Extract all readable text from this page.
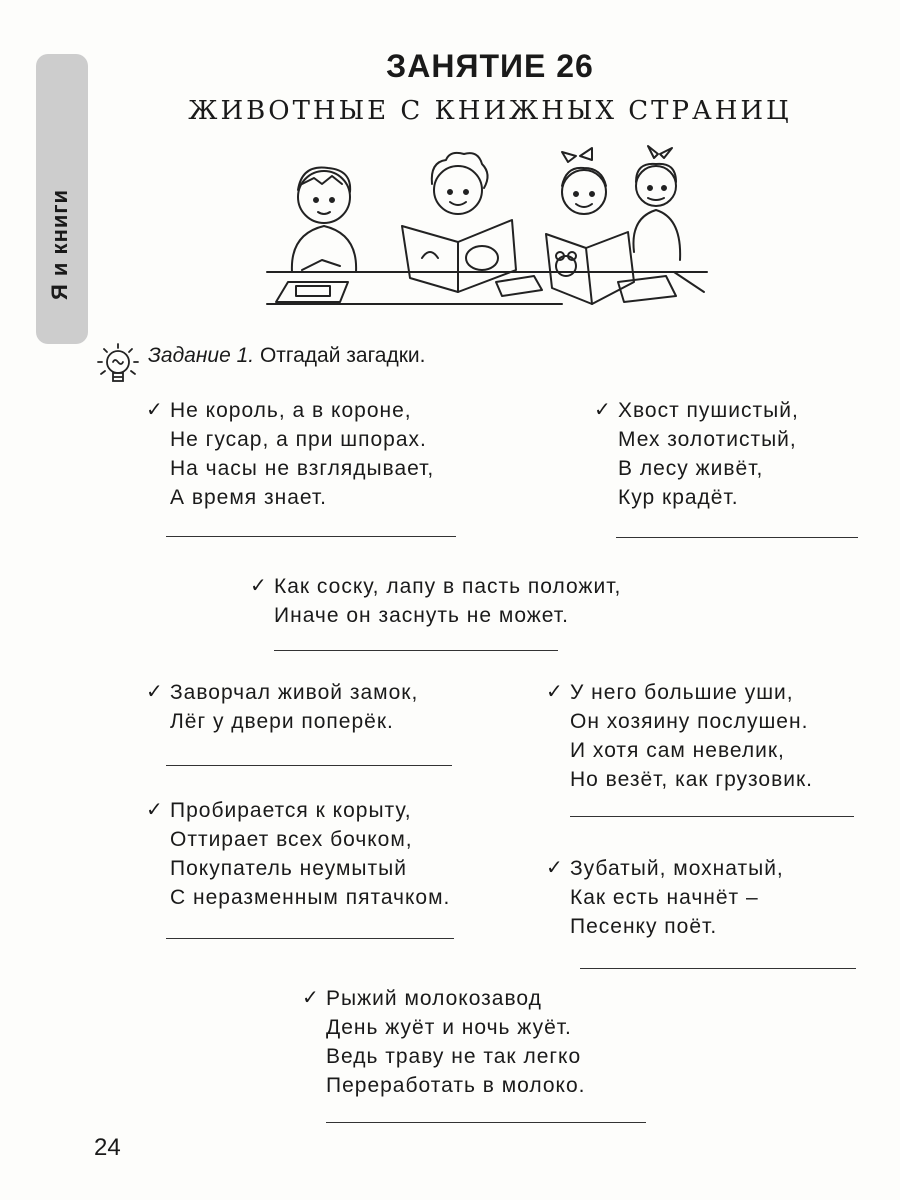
Я и книги
ЗАНЯТИЕ 26
ЖИВОТНЫЕ С КНИЖНЫХ СТРАНИЦ
Задание 1. Отгадай загадки.
✓ Не король, а в короне,
Не гусар, а при шпорах.
На часы не взглядывает,
А время знает.
✓ Хвост пушистый,
Мех золотистый,
В лесу живёт,
Кур крадёт.
✓ Как соску, лапу в пасть положит,
Иначе он заснуть не может.
✓ Заворчал живой замок,
Лёг у двери поперёк.
✓ У него большие уши,
Он хозяину послушен.
И хотя сам невелик,
Но везёт, как грузовик.
✓ Пробирается к корыту,
Оттирает всех бочком,
Покупатель неумытый
С неразменным пятачком.
✓ Зубатый, мохнатый,
Как есть начнёт –
Песенку поёт.
✓ Рыжий молокозавод
День жуёт и ночь жуёт.
Ведь траву не так легко
Переработать в молоко.
24
